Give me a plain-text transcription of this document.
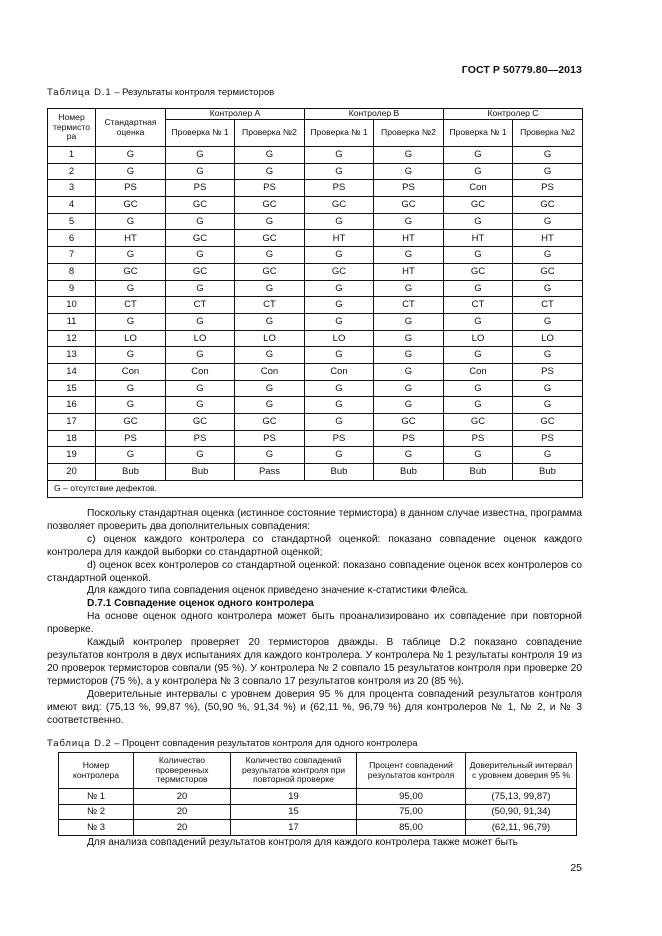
ГОСТ Р 50779.80—2013
Таблица D.1 – Результаты контроля термисторов
Номер термисто ра	Стандартная оценка	Контролер А		Контролер В		Контролер С	
		Проверка № 1	Проверка №2	Проверка № 1	Проверка №2	Проверка № 1	Проверка №2
1	G	G	G	G	G	G	G
2	G	G	G	G	G	G	G
3	PS	PS	PS	PS	PS	Con	PS
4	GC	GC	GC	GC	GC	GC	GC
5	G	G	G	G	G	G	G
6	HT	GC	GC	HT	HT	HT	HT
7	G	G	G	G	G	G	G
8	GC	GC	GC	GC	HT	GC	GC
9	G	G	G	G	G	G	G
10	CT	CT	CT	G	CT	CT	CT
11	G	G	G	G	G	G	G
12	LO	LO	LO	LO	G	LO	LO
13	G	G	G	G	G	G	G
14	Con	Con	Con	Con	G	Con	PS
15	G	G	G	G	G	G	G
16	G	G	G	G	G	G	G
17	GC	GC	GC	G	GC	GC	GC
18	PS	PS	PS	PS	PS	PS	PS
19	G	G	G	G	G	G	G
20	Bub	Bub	Pass	Bub	Bub	Bub	Bub
G – отсутствие дефектов.							

Поскольку стандартная оценка (истинное состояние термистора) в данном случае известна, программа позволяет проверить два дополнительных совпадения:

c) оценок каждого контролера со стандартной оценкой: показано совпадение оценок каждого контролера для каждой выборки со стандартной оценкой;

d) оценок всех контролеров со стандартной оценкой: показано совпадение оценок всех контролеров со стандартной оценкой.

Для каждого типа совпадения оценок приведено значение κ-статистики Флейса.

D.7.1 Совпадение оценок одного контролера

На основе оценок одного контролера может быть проанализировано их совпадение при повторной проверке.

Каждый контролер проверяет 20 термисторов дважды. В таблице D.2 показано совпадение результатов контроля в двух испытаниях для каждого контролера. У контролера № 1 результаты контроля 19 из 20 проверок термисторов совпали (95 %). У контролера № 2 совпало 15 результатов контроля при проверке 20 термисторов (75 %), а у контролера № 3 совпало 17 результатов контроля из 20 (85 %).

Доверительные интервалы с уровнем доверия 95 % для процента совпадений результатов контроля имеют вид: (75,13 %, 99,87 %), (50,90 %, 91,34 %) и (62,11 %, 96,79 %) для контролеров № 1, № 2, и № 3 соответственно.

Таблица D.2 – Процент совпадения результатов контроля для одного контролера
Номер контролера	Количество проверенных термисторов	Количество совпадений результатов контроля при повторной проверке	Процент совпадений результатов контроля	Доверительный интервал с уровнем доверия 95 %
№ 1	20	19	95,00	(75,13, 99,87)
№ 2	20	15	75,00	(50,90, 91,34)
№ 3	20	17	85,00	(62,11, 96,79)

Для анализа совпадений результатов контроля для каждого контролера также может быть

25
